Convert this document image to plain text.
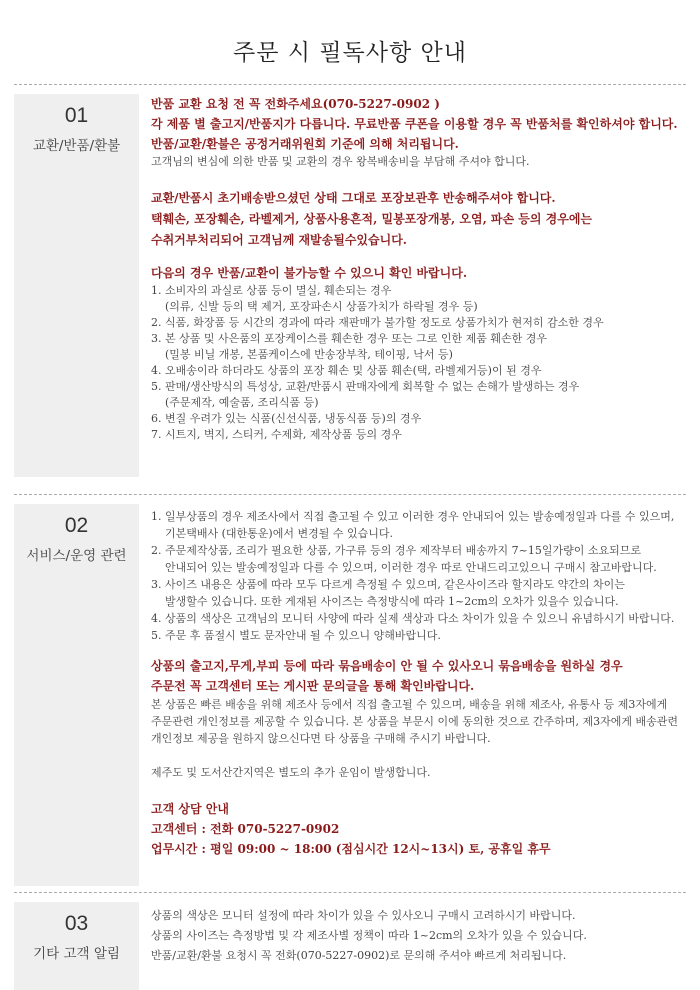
주문 시 필독사항 안내
01
교환/반품/환불
반품 교환 요청 전 꼭 전화주세요(070-5227-0902 )
각 제품 별 출고지/반품지가 다릅니다. 무료반품 쿠폰을 이용할 경우 꼭 반품처를 확인하셔야 합니다.
반품/교환/환불은 공정거래위원회 기준에 의해 처리됩니다.
고객님의 변심에 의한 반품 및 교환의 경우 왕복배송비을 부담해 주셔야 합니다.
교환/반품시 초기배송받으셨던 상태 그대로 포장보관후 반송해주셔야 합니다.
택훼손, 포장훼손, 라벨제거, 상품사용흔적, 밀봉포장개봉, 오염, 파손 등의 경우에는
수취거부처리되어 고객님께 재발송될수있습니다.
다음의 경우 반품/교환이 불가능할 수 있으니 확인 바랍니다.
1. 소비자의 과실로 상품 등이 멸실, 훼손되는 경우
(의류, 신발 등의 택 제거, 포장파손시 상품가치가 하락될 경우 등)
2. 식품, 화장품 등 시간의 경과에 따라 재판매가 불가할 정도로 상품가치가 현저히 감소한 경우
3. 본 상품 및 사은품의 포장케이스를 훼손한 경우 또는 그로 인한 제품 훼손한 경우
(밀봉 비닐 개봉, 본품케이스에 반송장부착, 테이핑, 낙서 등)
4. 오배송이라 하더라도 상품의 포장 훼손 및 상품 훼손(택, 라벨제거등)이 된 경우
5. 판매/생산방식의 특성상, 교환/반품시 판매자에게 회복할 수 없는 손해가 발생하는 경우
(주문제작, 예술품, 조리식품 등)
6. 변질 우려가 있는 식품(신선식품, 냉동식품 등)의 경우
7. 시트지, 벽지, 스티커, 수제화, 제작상품 등의 경우
02
서비스/운영 관련
1. 일부상품의 경우 제조사에서 직접 출고될 수 있고 이러한 경우 안내되어 있는 발송예정일과 다를 수 있으며,
기본택배사 (대한통운)에서 변경될 수 있습니다.
2. 주문제작상품, 조리가 필요한 상품, 가구류 등의 경우 제작부터 배송까지 7~15일가량이 소요되므로
안내되어 있는 발송예정일과 다를 수 있으며, 이러한 경우 따로 안내드리고있으니 구매시 참고바랍니다.
3. 사이즈 내용은 상품에 따라 모두 다르게 측정될 수 있으며, 같은사이즈라 할지라도 약간의 차이는
발생할수 있습니다. 또한 게재된 사이즈는 측정방식에 따라 1~2cm의 오차가 있을수 있습니다.
4. 상품의 색상은 고객님의 모니터 사양에 따라 실제 색상과 다소 차이가 있을 수 있으니 유념하시기 바랍니다.
5. 주문 후 품절시 별도 문자안내 될 수 있으니 양해바랍니다.
상품의 출고지,무게,부피 등에 따라 묶음배송이 안 될 수 있사오니 묶음배송을 원하실 경우
주문전 꼭 고객센터 또는 게시판 문의글을 통해 확인바랍니다.
본 상품은 빠른 배송을 위해 제조사 등에서 직접 출고될 수 있으며, 배송을 위해 제조사, 유통사 등 제3자에게
주문관련 개인정보를 제공할 수 있습니다. 본 상품을 부문시 이에 동의한 것으로 간주하며, 제3자에게 배송관련
개인정보 제공을 원하지 않으신다면 타 상품을 구매해 주시기 바랍니다.
제주도 및 도서산간지역은 별도의 추가 운임이 발생합니다.
고객 상담 안내
고객센터 : 전화 070-5227-0902
업무시간 : 평일 09:00 ~ 18:00 (점심시간 12시~13시) 토, 공휴일 휴무
03
기타 고객 알림
상품의 색상은 모니터 설정에 따라 차이가 있을 수 있사오니 구매시 고려하시기 바랍니다.
상품의 사이즈는 측정방법 및 각 제조사별 정책이 따라 1~2cm의 오차가 있을 수 있습니다.
반품/교환/환불 요청시 꼭 전화(070-5227-0902)로 문의해 주셔야 빠르게 처리됩니다.
